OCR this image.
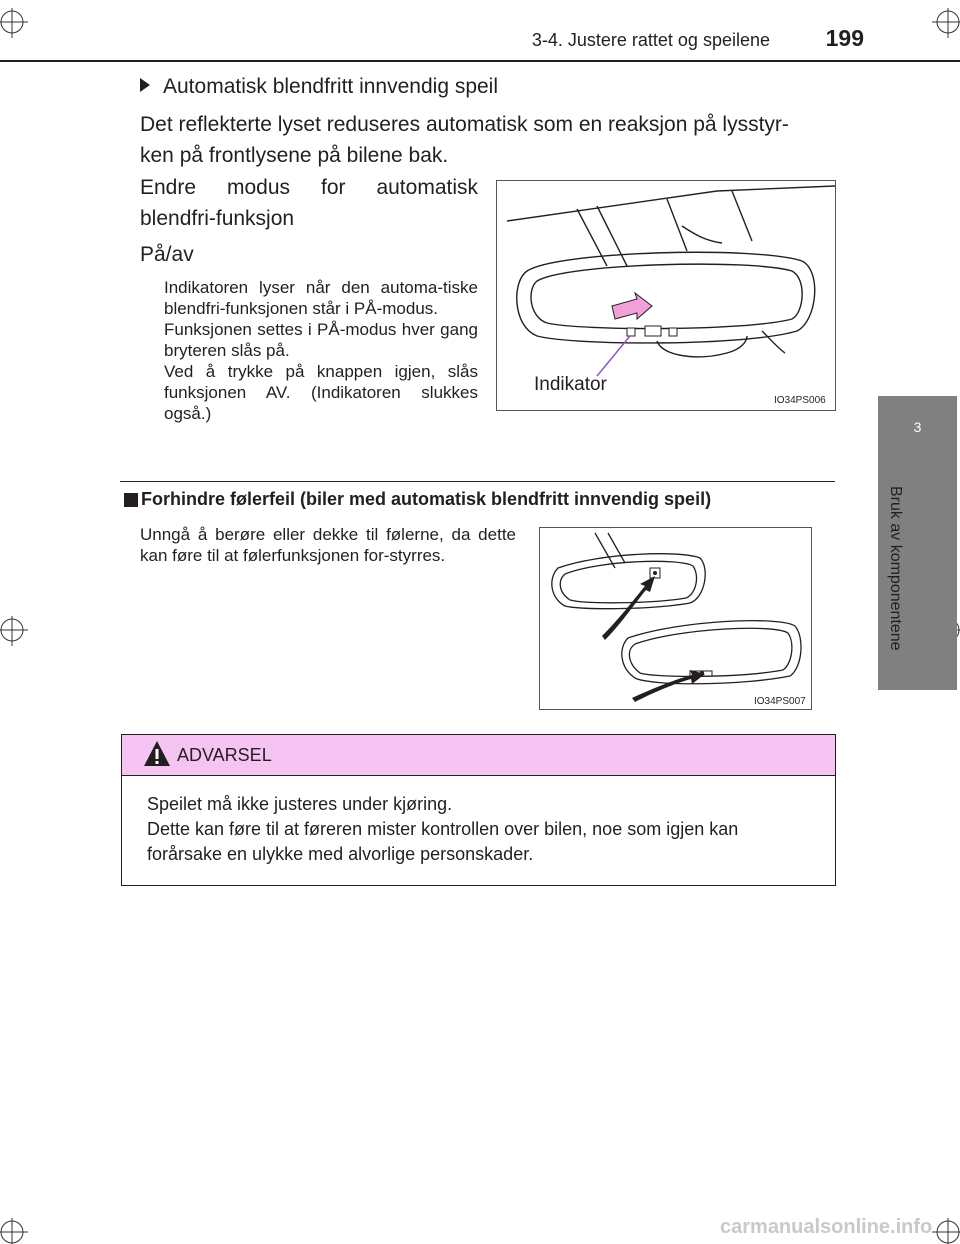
3-4. Justere rattet og speilene 199
3
Bruk av komponentene
Automatisk blendfritt innvendig speil
Det reflekterte lyset reduseres automatisk som en reaksjon på lysstyr-
ken på frontlysene på bilene bak.
Endre modus for automatisk
blendfri-funksjon
På/av
Indikatoren lyser når den automa-tiske blendfri-funksjonen står i PÅ-modus.
Funksjonen settes i PÅ-modus hver gang bryteren slås på.
Ved å trykke på knappen igjen, slås funksjonen AV. (Indikatoren slukkes også.)
Indikator
IO34PS006
Forhindre følerfeil (biler med automatisk blendfritt innvendig speil)
Unngå å berøre eller dekke til følerne, da dette kan føre til at følerfunksjonen for-styrres.
IO34PS007
ADVARSEL
Speilet må ikke justeres under kjøring.
Dette kan føre til at føreren mister kontrollen over bilen, noe som igjen kan
forårsake en ulykke med alvorlige personskader.
carmanualsonline.info
